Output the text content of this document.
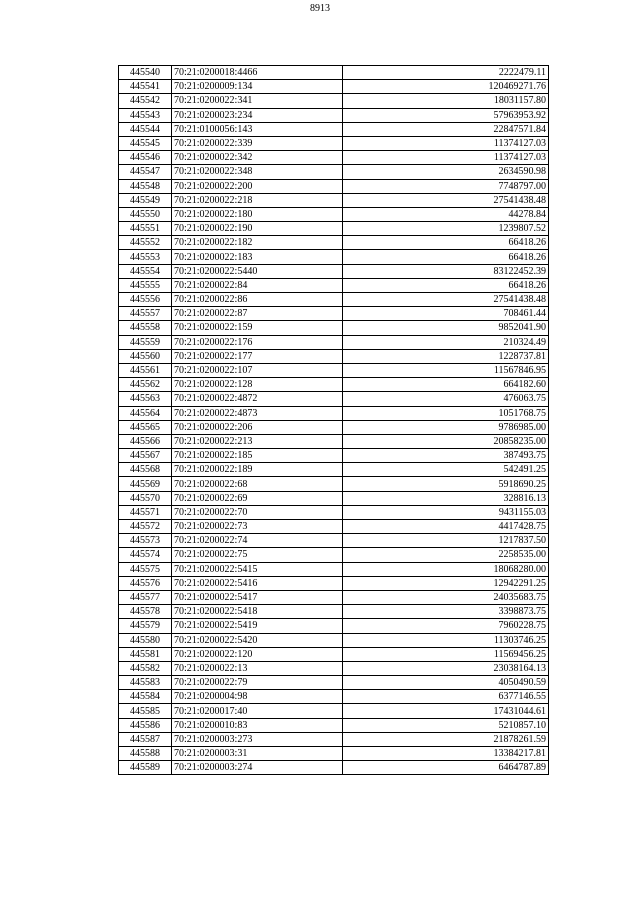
8913
445540	70:21:0200018:4466	2222479.11
445541	70:21:0200009:134	120469271.76
445542	70:21:0200022:341	18031157.80
445543	70:21:0200023:234	57963953.92
445544	70:21:0100056:143	22847571.84
445545	70:21:0200022:339	11374127.03
445546	70:21:0200022:342	11374127.03
445547	70:21:0200022:348	2634590.98
445548	70:21:0200022:200	7748797.00
445549	70:21:0200022:218	27541438.48
445550	70:21:0200022:180	44278.84
445551	70:21:0200022:190	1239807.52
445552	70:21:0200022:182	66418.26
445553	70:21:0200022:183	66418.26
445554	70:21:0200022:5440	83122452.39
445555	70:21:0200022:84	66418.26
445556	70:21:0200022:86	27541438.48
445557	70:21:0200022:87	708461.44
445558	70:21:0200022:159	9852041.90
445559	70:21:0200022:176	210324.49
445560	70:21:0200022:177	1228737.81
445561	70:21:0200022:107	11567846.95
445562	70:21:0200022:128	664182.60
445563	70:21:0200022:4872	476063.75
445564	70:21:0200022:4873	1051768.75
445565	70:21:0200022:206	9786985.00
445566	70:21:0200022:213	20858235.00
445567	70:21:0200022:185	387493.75
445568	70:21:0200022:189	542491.25
445569	70:21:0200022:68	5918690.25
445570	70:21:0200022:69	328816.13
445571	70:21:0200022:70	9431155.03
445572	70:21:0200022:73	4417428.75
445573	70:21:0200022:74	1217837.50
445574	70:21:0200022:75	2258535.00
445575	70:21:0200022:5415	18068280.00
445576	70:21:0200022:5416	12942291.25
445577	70:21:0200022:5417	24035683.75
445578	70:21:0200022:5418	3398873.75
445579	70:21:0200022:5419	7960228.75
445580	70:21:0200022:5420	11303746.25
445581	70:21:0200022:120	11569456.25
445582	70:21:0200022:13	23038164.13
445583	70:21:0200022:79	4050490.59
445584	70:21:0200004:98	6377146.55
445585	70:21:0200017:40	17431044.61
445586	70:21:0200010:83	5210857.10
445587	70:21:0200003:273	21878261.59
445588	70:21:0200003:31	13384217.81
445589	70:21:0200003:274	6464787.89
